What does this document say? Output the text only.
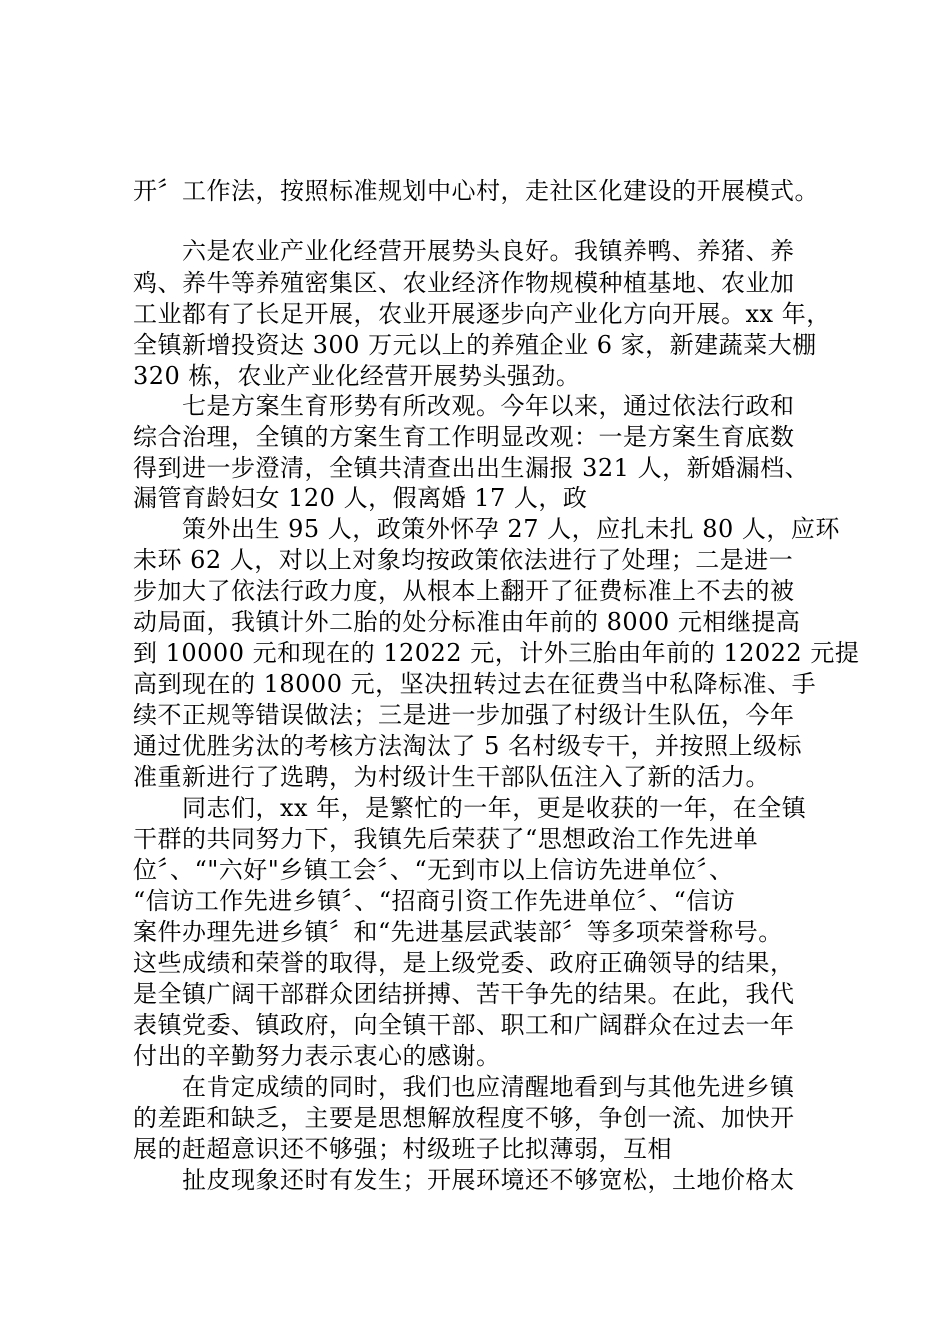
开〞工作法，按照标准规划中心村，走社区化建设的开展模式。
六是农业产业化经营开展势头良好。我镇养鸭、养猪、养
鸡、养牛等养殖密集区、农业经济作物规模种植基地、农业加
工业都有了长足开展，农业开展逐步向产业化方向开展。xx 年，
全镇新增投资达 300 万元以上的养殖企业 6 家，新建蔬菜大棚
320 栋，农业产业化经营开展势头强劲。
七是方案生育形势有所改观。今年以来，通过依法行政和
综合治理，全镇的方案生育工作明显改观：一是方案生育底数
得到进一步澄清，全镇共清查出出生漏报 321 人，新婚漏档、
漏管育龄妇女 120 人，假离婚 17 人，政
策外出生 95 人，政策外怀孕 27 人，应扎未扎 80 人，应环
未环 62 人，对以上对象均按政策依法进行了处理；二是进一
步加大了依法行政力度，从根本上翻开了征费标准上不去的被
动局面，我镇计外二胎的处分标准由年前的 8000 元相继提高
到 10000 元和现在的 12022 元，计外三胎由年前的 12022 元提
高到现在的 18000 元，坚决扭转过去在征费当中私降标准、手
续不正规等错误做法；三是进一步加强了村级计生队伍，今年
通过优胜劣汰的考核方法淘汰了 5 名村级专干，并按照上级标
准重新进行了选聘，为村级计生干部队伍注入了新的活力。
同志们，xx 年，是繁忙的一年，更是收获的一年，在全镇
干群的共同努力下，我镇先后荣获了“思想政治工作先进单
位〞、“"六好"乡镇工会〞、“无到市以上信访先进单位〞、
“信访工作先进乡镇〞、“招商引资工作先进单位〞、“信访
案件办理先进乡镇〞和“先进基层武装部〞等多项荣誉称号。
这些成绩和荣誉的取得，是上级党委、政府正确领导的结果，
是全镇广阔干部群众团结拼搏、苦干争先的结果。在此，我代
表镇党委、镇政府，向全镇干部、职工和广阔群众在过去一年
付出的辛勤努力表示衷心的感谢。
在肯定成绩的同时，我们也应清醒地看到与其他先进乡镇
的差距和缺乏，主要是思想解放程度不够，争创一流、加快开
展的赶超意识还不够强；村级班子比拟薄弱，互相
扯皮现象还时有发生；开展环境还不够宽松，土地价格太
